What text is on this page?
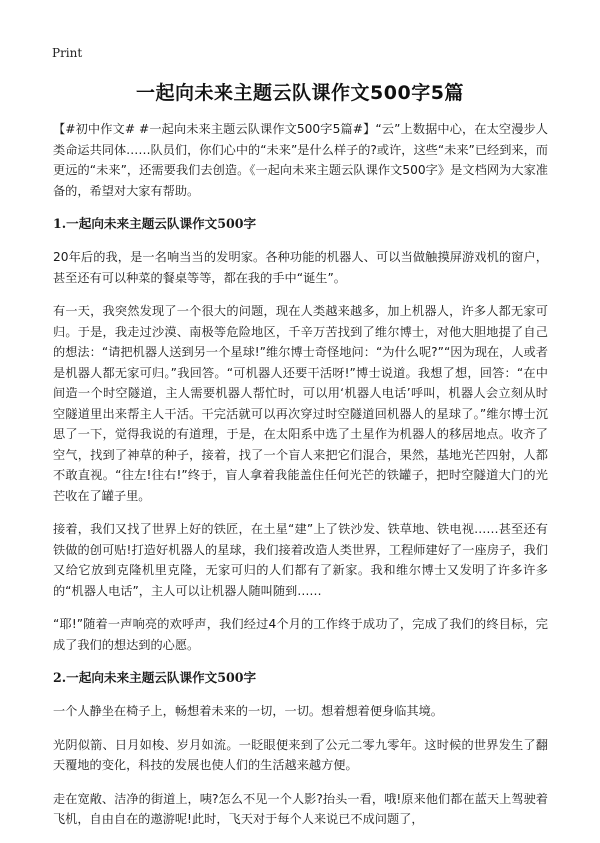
Print
一起向未来主题云队课作文500字5篇

【#初中作文# #一起向未来主题云队课作文500字5篇#】“云”上数据中心，在太空漫步人类命运共同体……队员们，你们心中的“未来”是什么样子的?或许，这些“未来”已经到来，而更远的“未来”，还需要我们去创造。《一起向未来主题云队课作文500字》是文档网为大家准备的，希望对大家有帮助。

1.一起向未来主题云队课作文500字

20年后的我，是一名响当当的发明家。各种功能的机器人、可以当做触摸屏游戏机的窗户，甚至还有可以种菜的餐桌等等，都在我的手中“诞生”。

有一天，我突然发现了一个很大的问题，现在人类越来越多，加上机器人，许多人都无家可归。于是，我走过沙漠、南极等危险地区，千辛万苦找到了维尔博士，对他大胆地提了自己的想法：“请把机器人送到另一个星球!”维尔博士奇怪地问：“为什么呢?”“因为现在，人或者是机器人都无家可归。”我回答。“可机器人还要干活呀!”博士说道。我想了想，回答：“在中间造一个时空隧道，主人需要机器人帮忙时，可以用‘机器人电话’呼叫，机器人会立刻从时空隧道里出来帮主人干活。干完活就可以再次穿过时空隧道回机器人的星球了。”维尔博士沉思了一下，觉得我说的有道理，于是，在太阳系中选了土星作为机器人的移居地点。收齐了空气，找到了神草的种子，接着，找了一个盲人来把它们混合，果然，基地光芒四射，人都不敢直视。“往左!往右!”终于，盲人拿着我能盖住任何光芒的铁罐子，把时空隧道大门的光芒收在了罐子里。

接着，我们又找了世界上好的铁匠，在土星“建”上了铁沙发、铁草地、铁电视……甚至还有铁做的创可贴!打造好机器人的星球，我们接着改造人类世界，工程师建好了一座房子，我们又给它放到克隆机里克隆，无家可归的人们都有了新家。我和维尔博士又发明了许多许多的“机器人电话”，主人可以让机器人随叫随到……

“耶!”随着一声响亮的欢呼声，我们经过4个月的工作终于成功了，完成了我们的终目标，完成了我们的想达到的心愿。

2.一起向未来主题云队课作文500字

一个人静坐在椅子上，畅想着未来的一切，一切。想着想着便身临其境。

光阴似箭、日月如梭、岁月如流。一眨眼便来到了公元二零九零年。这时候的世界发生了翻天覆地的变化，科技的发展也使人们的生活越来越方便。

走在宽敞、洁净的街道上，咦?怎么不见一个人影?抬头一看，哦!原来他们都在蓝天上驾驶着飞机，自由自在的遨游呢!此时，飞天对于每个人来说已不成问题了，
